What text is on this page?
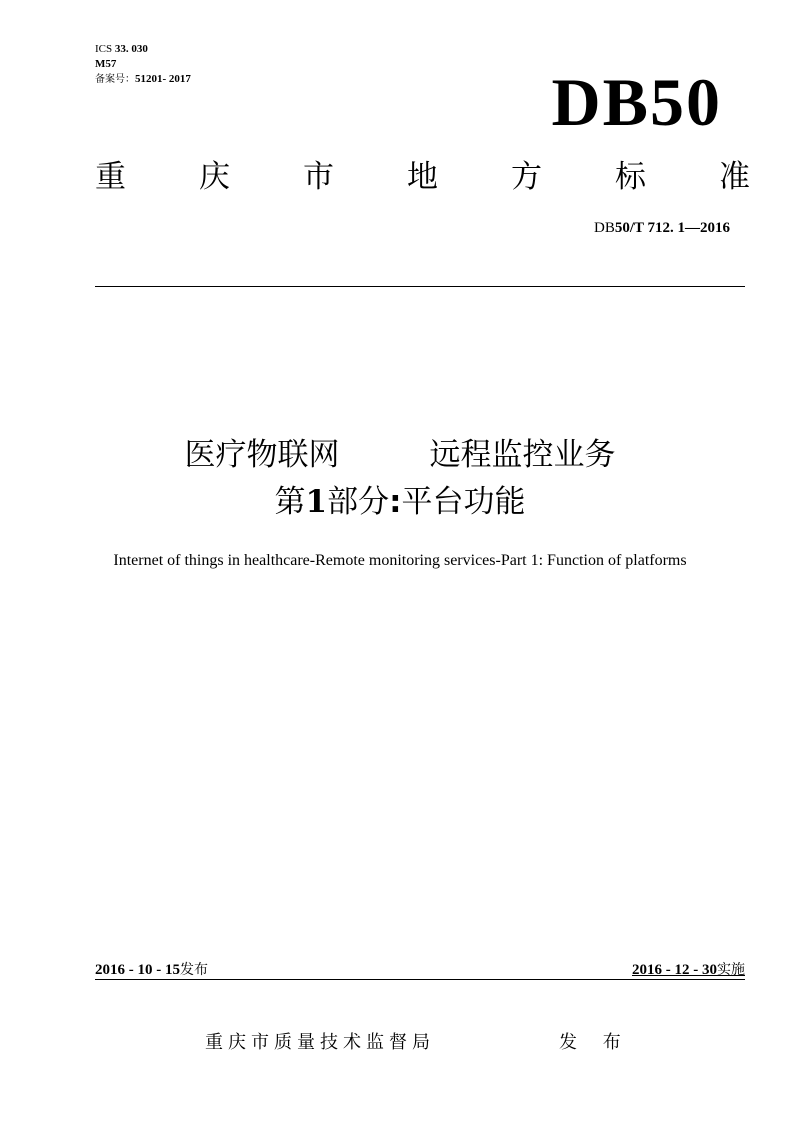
ICS 33. 030
M57
备案号：51201- 2017	DB50
重 庆 市 地 方 标 准
DB50/T 712. 1—2016
医疗物联网	远程监控业务
第1部分:平台功能
Internet of things in healthcare-Remote monitoring services-Part 1: Function of platforms
2016 - 10 - 15发布	2016 - 12 - 30实施
重庆市质量技术监督局	发 布
